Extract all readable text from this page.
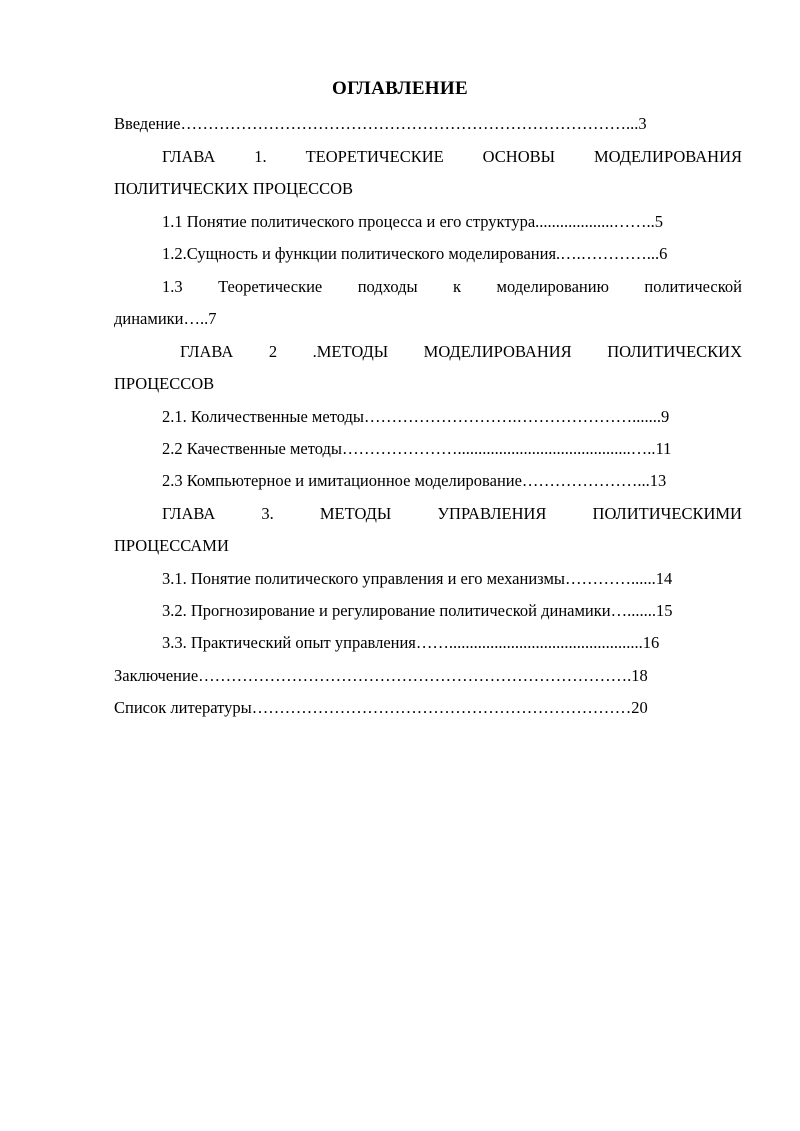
ОГЛАВЛЕНИЕ
Введение………………………………………………………………………...3
ГЛАВА 1. ТЕОРЕТИЧЕСКИЕ ОСНОВЫ МОДЕЛИРОВАНИЯ
ПОЛИТИЧЕСКИХ ПРОЦЕССОВ
1.1 Понятие политического процесса и его структура...................……..5
1.2.Сущность и функции политического моделирования.….…………...6
1.3 Теоретические подходы к моделированию политической
динамики…..7
ГЛАВА 2 .МЕТОДЫ МОДЕЛИРОВАНИЯ ПОЛИТИЧЕСКИХ
ПРОЦЕССОВ
2.1. Количественные методы……………………….………………….......9
2.2 Качественные методы…………………..........................................…..11
2.3 Компьютерное и имитационное моделирование…………………...13
ГЛАВА	3.	МЕТОДЫ	УПРАВЛЕНИЯ	ПОЛИТИЧЕСКИМИ
ПРОЦЕССАМИ
3.1. Понятие политического управления и его механизмы…………......14
3.2. Прогнозирование и регулирование политической динамики….......15
3.3. Практический опыт управления……...............................................16
Заключение…………………………………………………………………….18
Список литературы……………………………………………………………20
